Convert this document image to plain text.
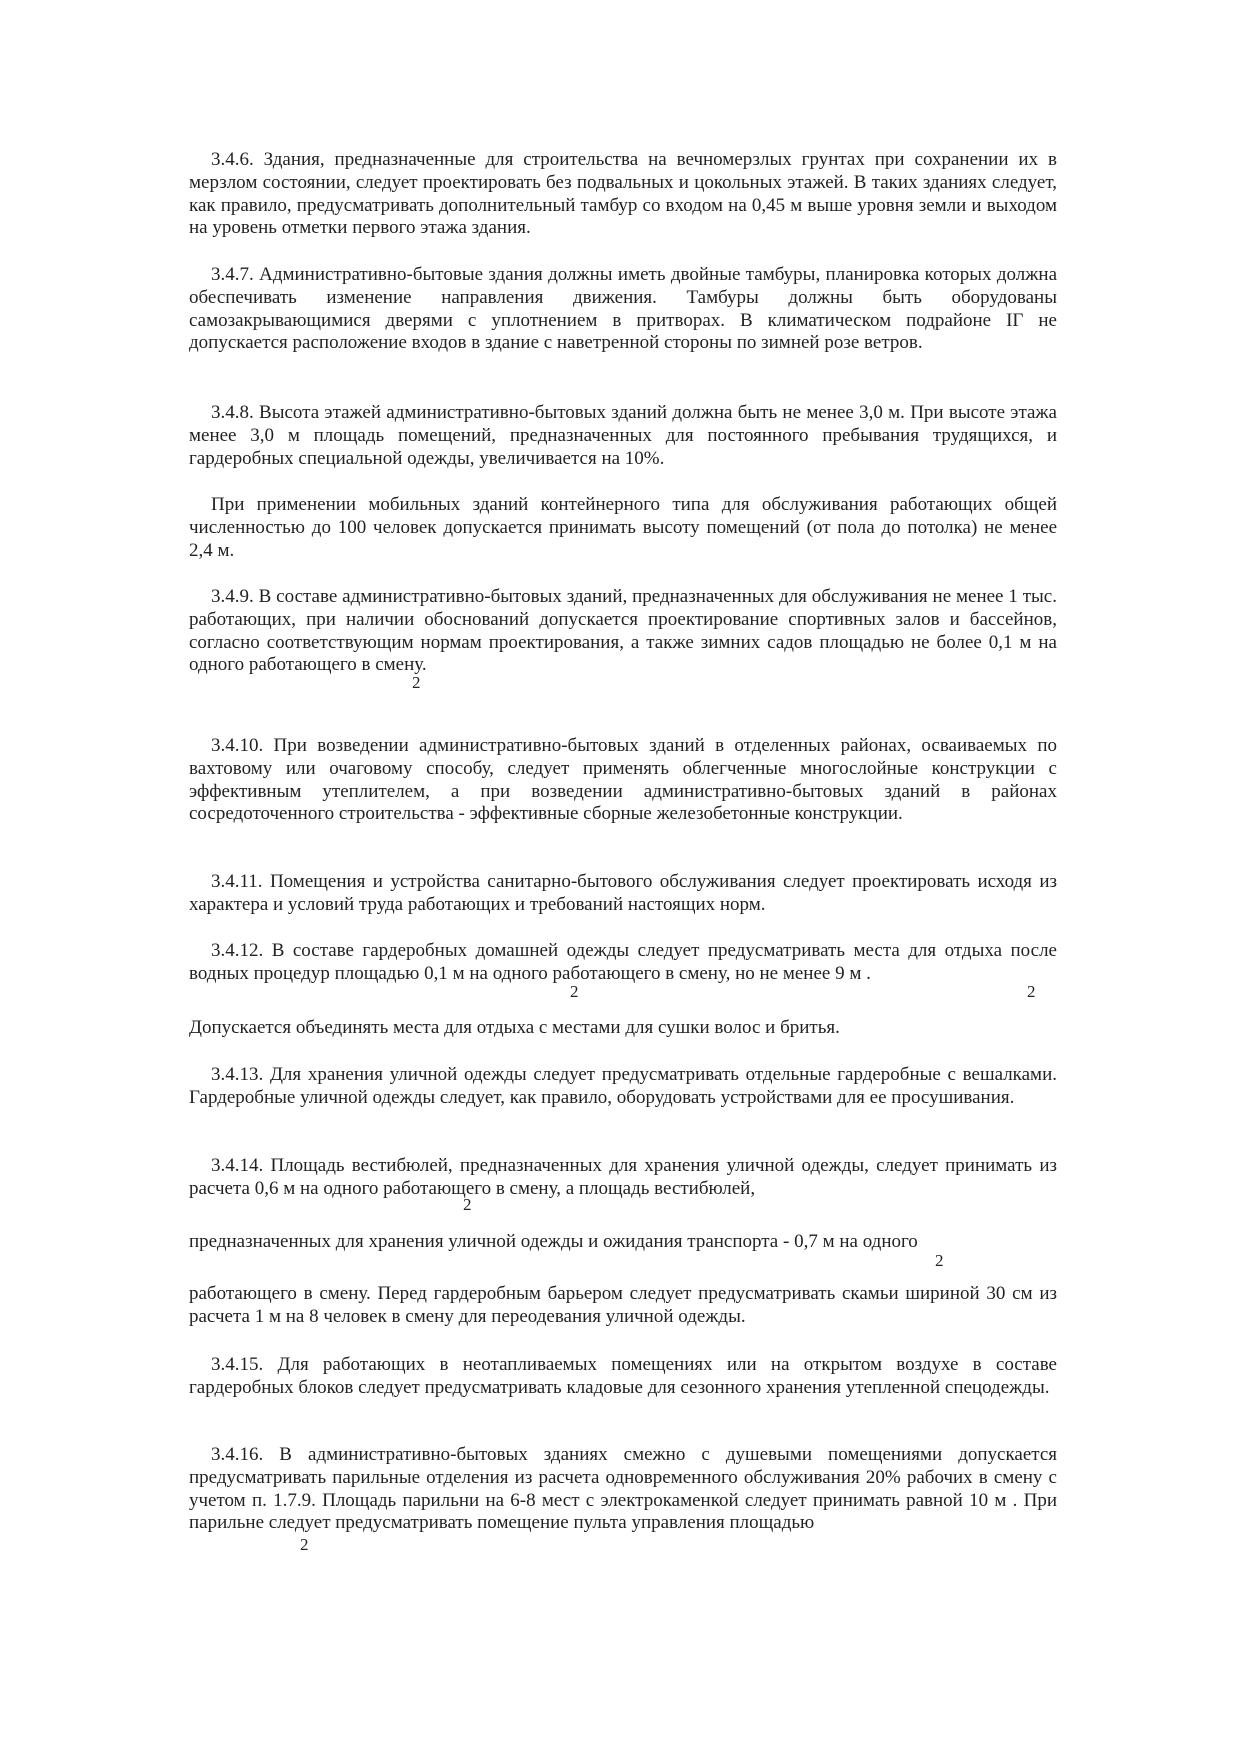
3.4.6. Здания, предназначенные для строительства на вечномерзлых грунтах при сохранении их в мерзлом состоянии, следует проектировать без подвальных и цокольных этажей. В таких зданиях следует, как правило, предусматривать дополнительный тамбур со входом на 0,45 м выше уровня земли и выходом на уровень отметки первого этажа здания.

3.4.7. Административно-бытовые здания должны иметь двойные тамбуры, планировка которых должна обеспечивать изменение направления движения. Тамбуры должны быть оборудованы самозакрывающимися дверями с уплотнением в притворах. В климатическом подрайоне IГ не допускается расположение входов в здание с наветренной стороны по зимней розе ветров.

3.4.8. Высота этажей административно-бытовых зданий должна быть не менее 3,0 м. При высоте этажа менее 3,0 м площадь помещений, предназначенных для постоянного пребывания трудящихся, и гардеробных специальной одежды, увеличивается на 10%.

При применении мобильных зданий контейнерного типа для обслуживания работающих общей численностью до 100 человек допускается принимать высоту помещений (от пола до потолка) не менее 2,4 м.

3.4.9. В составе административно-бытовых зданий, предназначенных для обслуживания не менее 1 тыс. работающих, при наличии обоснований допускается проектирование спортивных залов и бассейнов, согласно соответствующим нормам проектирования, а также зимних садов площадью не более 0,1 м на одного работающего в смену.

2

3.4.10. При возведении административно-бытовых зданий в отделенных районах, осваиваемых по вахтовому или очаговому способу, следует применять облегченные многослойные конструкции с эффективным утеплителем, а при возведении административно-бытовых зданий в районах сосредоточенного строительства - эффективные сборные железобетонные конструкции.

3.4.11. Помещения и устройства санитарно-бытового обслуживания следует проектировать исходя из характера и условий труда работающих и требований настоящих норм.

3.4.12. В составе гардеробных домашней одежды следует предусматривать места для отдыха после водных процедур площадью 0,1 м на одного работающего в смену, но не менее 9 м .

2	2

Допускается объединять места для отдыха с местами для сушки волос и бритья.

3.4.13. Для хранения уличной одежды следует предусматривать отдельные гардеробные с вешалками. Гардеробные уличной одежды следует, как правило, оборудовать устройствами для ее просушивания.

3.4.14. Площадь вестибюлей, предназначенных для хранения уличной одежды, следует принимать из расчета 0,6 м на одного работающего в смену, а площадь вестибюлей,

2

предназначенных для хранения уличной одежды и ожидания транспорта - 0,7 м на одного

2

работающего в смену. Перед гардеробным барьером следует предусматривать скамьи шириной 30 см из расчета 1 м на 8 человек в смену для переодевания уличной одежды.

3.4.15. Для работающих в неотапливаемых помещениях или на открытом воздухе в составе гардеробных блоков следует предусматривать кладовые для сезонного хранения утепленной спецодежды.

3.4.16. В административно-бытовых зданиях смежно с душевыми помещениями допускается предусматривать парильные отделения из расчета одновременного обслуживания 20% рабочих в смену с учетом п. 1.7.9. Площадь парильни на 6-8 мест с электрокаменкой следует принимать равной 10 м . При парильне следует предусматривать помещение пульта управления площадью

2
